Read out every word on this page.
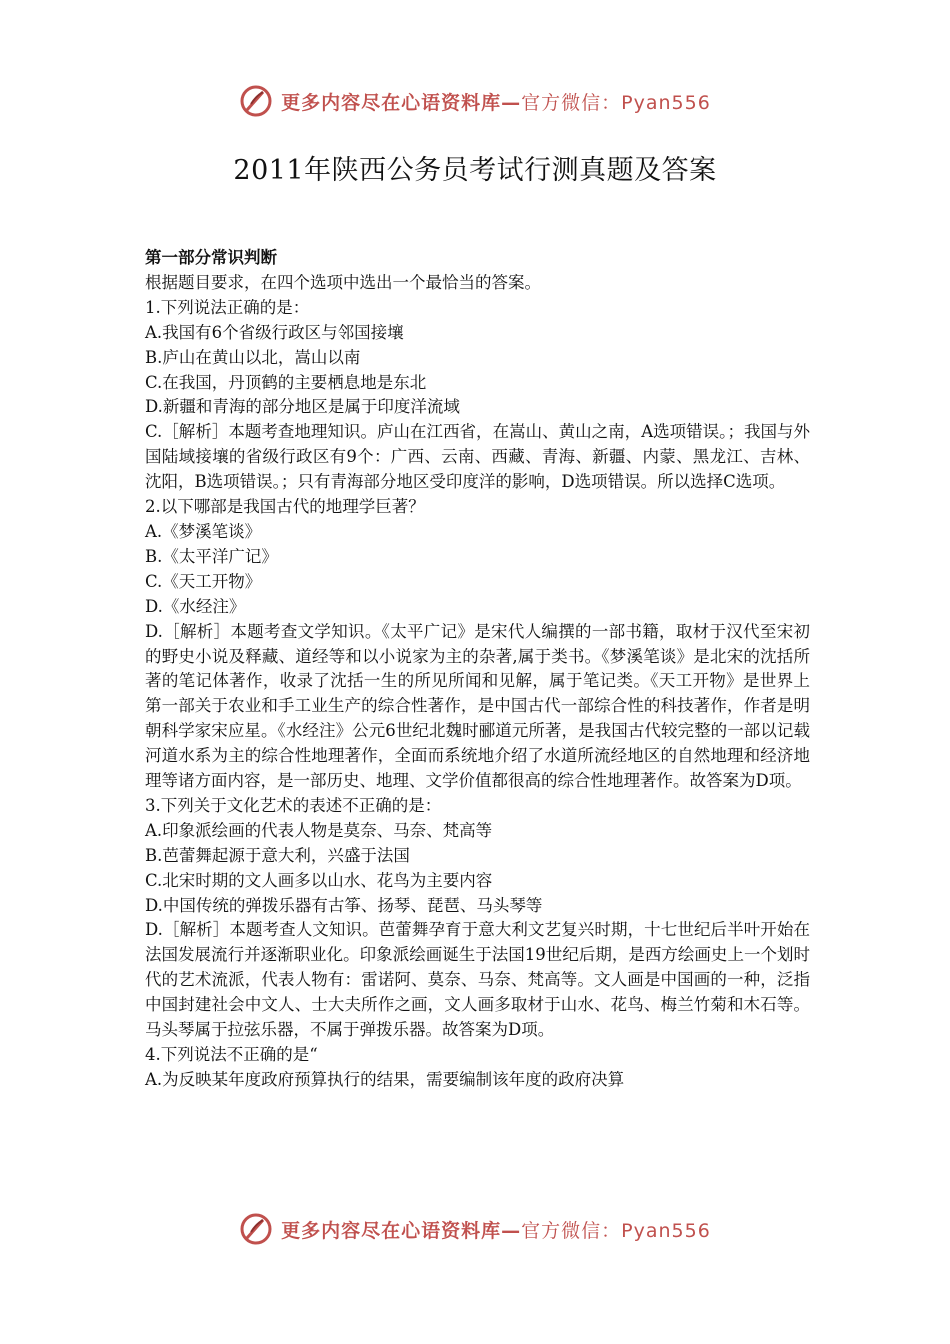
更多内容尽在心语资料库—官方微信：Pyan556
2011年陕西公务员考试行测真题及答案

第一部分常识判断

根据题目要求，在四个选项中选出一个最恰当的答案。

1.下列说法正确的是：

A.我国有6个省级行政区与邻国接壤

B.庐山在黄山以北，嵩山以南

C.在我国，丹顶鹤的主要栖息地是东北

D.新疆和青海的部分地区是属于印度洋流域

C.［解析］本题考查地理知识。庐山在江西省，在嵩山、黄山之南，A选项错误。；我国与外国陆域接壤的省级行政区有9个：广西、云南、西藏、青海、新疆、内蒙、黑龙江、吉林、沈阳，B选项错误。；只有青海部分地区受印度洋的影响，D选项错误。所以选择C选项。

2.以下哪部是我国古代的地理学巨著？

A.《梦溪笔谈》

B.《太平洋广记》

C.《天工开物》

D.《水经注》

D.［解析］本题考查文学知识。《太平广记》是宋代人编撰的一部书籍，取材于汉代至宋初的野史小说及释藏、道经等和以小说家为主的杂著,属于类书。《梦溪笔谈》是北宋的沈括所著的笔记体著作，收录了沈括一生的所见所闻和见解，属于笔记类。《天工开物》是世界上第一部关于农业和手工业生产的综合性著作，是中国古代一部综合性的科技著作，作者是明朝科学家宋应星。《水经注》公元6世纪北魏时郦道元所著，是我国古代较完整的一部以记载河道水系为主的综合性地理著作，全面而系统地介绍了水道所流经地区的自然地理和经济地理等诸方面内容，是一部历史、地理、文学价值都很高的综合性地理著作。故答案为D项。

3.下列关于文化艺术的表述不正确的是：

A.印象派绘画的代表人物是莫奈、马奈、梵高等

B.芭蕾舞起源于意大利，兴盛于法国

C.北宋时期的文人画多以山水、花鸟为主要内容

D.中国传统的弹拨乐器有古筝、扬琴、琵琶、马头琴等

D.［解析］本题考查人文知识。芭蕾舞孕育于意大利文艺复兴时期，十七世纪后半叶开始在法国发展流行并逐渐职业化。印象派绘画诞生于法国19世纪后期，是西方绘画史上一个划时代的艺术流派，代表人物有：雷诺阿、莫奈、马奈、梵高等。文人画是中国画的一种，泛指中国封建社会中文人、士大夫所作之画，文人画多取材于山水、花鸟、梅兰竹菊和木石等。马头琴属于拉弦乐器，不属于弹拨乐器。故答案为D项。

4.下列说法不正确的是“

A.为反映某年度政府预算执行的结果，需要编制该年度的政府决算

更多内容尽在心语资料库—官方微信：Pyan556
